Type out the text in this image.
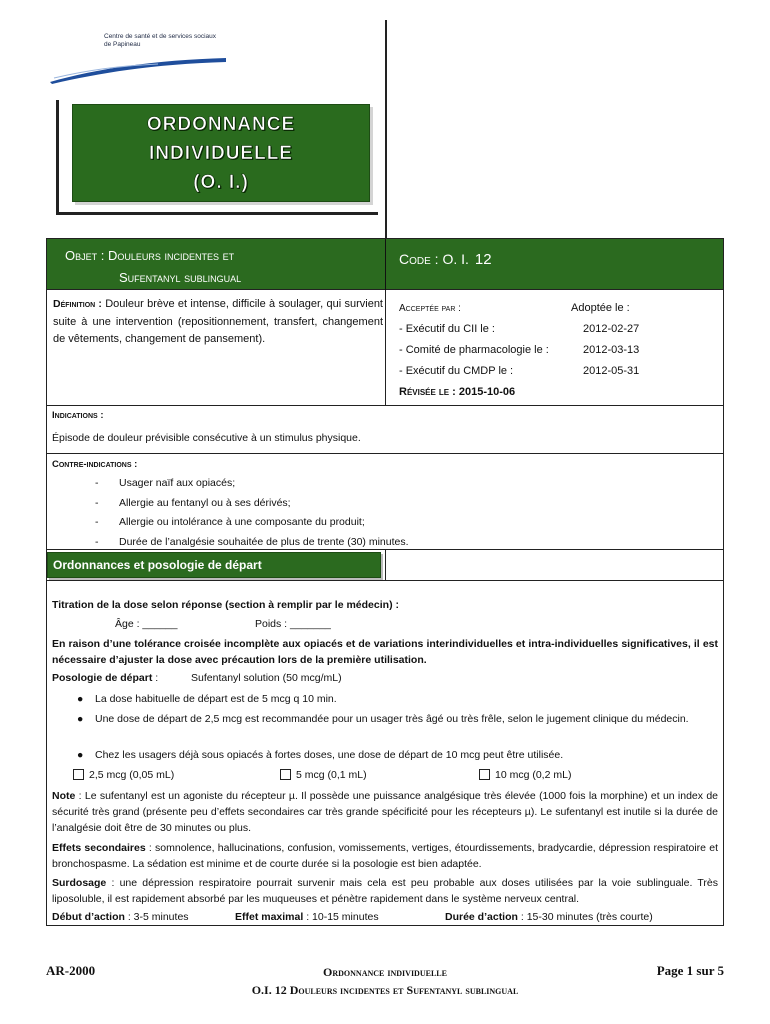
Centre de santé et de services sociaux
de Papineau
ORDONNANCE
INDIVIDUELLE
(O. I.)
Objet : Douleurs incidentes et
Sufentanyl sublingual
Code : O. I. 12
Définition : Douleur brève et intense, difficile à soulager, qui survient suite à une intervention (repositionnement, transfert, changement de vêtements, changement de pansement).
Acceptée par :	Adoptée le :
- Exécutif du CII le :	2012-02-27
- Comité de pharmacologie le :	2012-03-13
- Exécutif du CMDP le :	2012-05-31
Révisée le : 2015-10-06
Indications :
Épisode de douleur prévisible consécutive à un stimulus physique.
Contre-indications :
- Usager naïf aux opiacés;
- Allergie au fentanyl ou à ses dérivés;
- Allergie ou intolérance à une composante du produit;
- Durée de l’analgésie souhaitée de plus de trente (30) minutes.
Ordonnances et posologie de départ
Titration de la dose selon réponse (section à remplir par le médecin) :
Âge : ______	Poids : _______
En raison d’une tolérance croisée incomplète aux opiacés et de variations interindividuelles et intra-individuelles significatives, il est nécessaire d’ajuster la dose avec précaution lors de la première utilisation.
Posologie de départ :	Sufentanyl solution (50 mcg/mL)
● La dose habituelle de départ est de 5 mcg q 10 min.
● Une dose de départ de 2,5 mcg est recommandée pour un usager très âgé ou très frêle, selon le jugement clinique du médecin.
● Chez les usagers déjà sous opiacés à fortes doses, une dose de départ de 10 mcg peut être utilisée.
2,5 mcg (0,05 mL)	5 mcg (0,1 mL)	10 mcg (0,2 mL)
Note : Le sufentanyl est un agoniste du récepteur µ. Il possède une puissance analgésique très élevée (1000 fois la morphine) et un index de sécurité très grand (présente peu d’effets secondaires car très grande spécificité pour les récepteurs µ). Le sufentanyl est inutile si la durée de l’analgésie doit être de 30 minutes ou plus.
Effets secondaires : somnolence, hallucinations, confusion, vomissements, vertiges, étourdissements, bradycardie, dépression respiratoire et bronchospasme. La sédation est minime et de courte durée si la posologie est bien adaptée.
Surdosage : une dépression respiratoire pourrait survenir mais cela est peu probable aux doses utilisées par la voie sublinguale. Très liposoluble, il est rapidement absorbé par les muqueuses et pénètre rapidement dans le système nerveux central.
Début d’action : 3-5 minutes	Effet maximal : 10-15 minutes	Durée d’action : 15-30 minutes (très courte)
AR-2000	Ordonnance individuelle
O.I. 12 Douleurs incidentes et Sufentanyl sublingual
Page 1 sur 5
